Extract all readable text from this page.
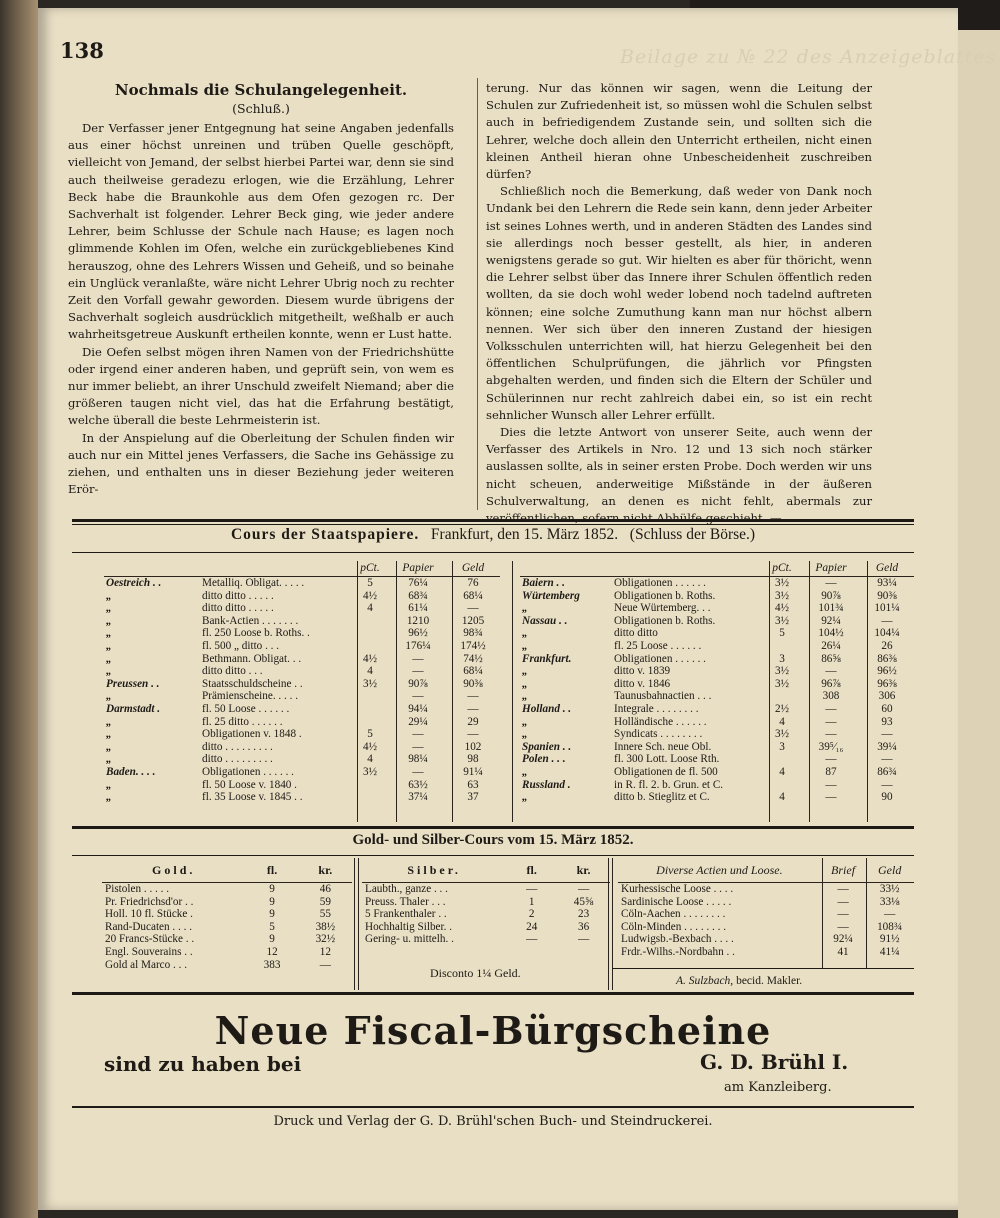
138	Beilage zu № 22 des Anzeigeblattes
Nochmals die Schulangelegenheit.
(Schluß.)

Der Verfasser jener Entgegnung hat seine Angaben jedenfalls aus einer höchst unreinen und trüben Quelle geschöpft, vielleicht von Jemand, der selbst hierbei Partei war, denn sie sind auch theilweise geradezu erlogen, wie die Erzählung, Lehrer Beck habe die Braunkohle aus dem Ofen gezogen rc. Der Sachverhalt ist folgender. Lehrer Beck ging, wie jeder andere Lehrer, beim Schlusse der Schule nach Hause; es lagen noch glimmende Kohlen im Ofen, welche ein zurückgebliebenes Kind herauszog, ohne des Lehrers Wissen und Geheiß, und so beinahe ein Unglück veranlaßte, wäre nicht Lehrer Ubrig noch zu rechter Zeit den Vorfall gewahr geworden. Diesem wurde übrigens der Sachverhalt sogleich ausdrücklich mitgetheilt, weßhalb er auch wahrheitsgetreue Auskunft ertheilen konnte, wenn er Lust hatte.

Die Oefen selbst mögen ihren Namen von der Friedrichshütte oder irgend einer anderen haben, und geprüft sein, von wem es nur immer beliebt, an ihrer Unschuld zweifelt Niemand; aber die größeren taugen nicht viel, das hat die Erfahrung bestätigt, welche überall die beste Lehrmeisterin ist.

In der Anspielung auf die Oberleitung der Schulen finden wir auch nur ein Mittel jenes Verfassers, die Sache ins Gehässige zu ziehen, und enthalten uns in dieser Beziehung jeder weiteren Erör-

terung. Nur das können wir sagen, wenn die Leitung der Schulen zur Zufriedenheit ist, so müssen wohl die Schulen selbst auch in befriedigendem Zustande sein, und sollten sich die Lehrer, welche doch allein den Unterricht ertheilen, nicht einen kleinen Antheil hieran ohne Unbescheidenheit zuschreiben dürfen?

Schließlich noch die Bemerkung, daß weder von Dank noch Undank bei den Lehrern die Rede sein kann, denn jeder Arbeiter ist seines Lohnes werth, und in anderen Städten des Landes sind sie allerdings noch besser gestellt, als hier, in anderen wenigstens gerade so gut. Wir hielten es aber für thöricht, wenn die Lehrer selbst über das Innere ihrer Schulen öffentlich reden wollten, da sie doch wohl weder lobend noch tadelnd auftreten können; eine solche Zumuthung kann man nur höchst albern nennen. Wer sich über den inneren Zustand der hiesigen Volksschulen unterrichten will, hat hierzu Gelegenheit bei den öffentlichen Schulprüfungen, die jährlich vor Pfingsten abgehalten werden, und finden sich die Eltern der Schüler und Schülerinnen nur recht zahlreich dabei ein, so ist ein recht sehnlicher Wunsch aller Lehrer erfüllt.

Dies die letzte Antwort von unserer Seite, auch wenn der Verfasser des Artikels in Nro. 12 und 13 sich noch stärker auslassen sollte, als in seiner ersten Probe. Doch werden wir uns nicht scheuen, anderweitige Mißstände in der äußeren Schulverwaltung, an denen es nicht fehlt, abermals zur

Cours der Staatspapiere. Frankfurt, den 15. März 1852. (Schluss der Börse.)
		pCt.	Papier	Geld
Oestreich . .	Metalliq. Obligat. . . . .	5	76¼	76
„	ditto ditto . . . . .	4½	68¾	68¼
„	ditto ditto . . . . .	4	61¼	—
„	Bank-Actien . . . . . . .		1210	1205
„	fl. 250 Loose b. Roths. .		96½	98¾
„	fl. 500 „ ditto . . .		176¼	174½
„	Bethmann. Obligat. . .	4½	—	74½
„	ditto ditto . . .	4	—	68¼
Preussen . .	Staatsschuldscheine . .	3½	90⅞	90⅜
„	Prämienscheine. . . . .		—	—
Darmstadt .	fl. 50 Loose . . . . . .		94¼	—
„	fl. 25 ditto . . . . . .		29¼	29
„	Obligationen v. 1848 .	5	—	—
„	ditto . . . . . . . . .	4½	—	102
„	ditto . . . . . . . . .	4	98¼	98
Baden. . . .	Obligationen . . . . . .	3½	—	91¼
„	fl. 50 Loose v. 1840 .		63½	63
„	fl. 35 Loose v. 1845 . .		37¼	37
		pCt.	Papier	Geld
Baiern . .	Obligationen . . . . . .	3½	—	93¼
Würtemberg	Obligationen b. Roths.	3½	90⅞	90⅜
„	Neue Würtemberg. . .	4½	101¾	101¼
Nassau . .	Obligationen b. Roths.	3½	92¼	—
„	ditto ditto	5	104½	104¼
„	fl. 25 Loose . . . . . .		26¼	26
Frankfurt.	Obligationen . . . . . .	3	86⅝	86⅜
„	ditto v. 1839	3½	—	96½
„	ditto v. 1846	3½	96⅞	96⅜
„	Taunusbahnactien . . .		308	306
Holland . .	Integrale . . . . . . . .	2½	—	60
„	Holländische . . . . . .	4	—	93
„	Syndicats . . . . . . . .	3½	—	—
Spanien . .	Innere Sch. neue Obl.	3	39⁵⁄₁₆	39¼
Polen . . .	fl. 300 Lott. Loose Rth.		—	—
„	Obligationen de fl. 500	4	87	86¾
Russland .	in R. fl. 2. b. Grun. et C.		—	—
„	ditto b. Stieglitz et C.	4	—	90
Gold- und Silber-Cours vom 15. März 1852.
Gold.	fl.	kr.
Pistolen . . . . .	9	46
Pr. Friedrichsd'or . .	9	59
Holl. 10 fl. Stücke .	9	55
Rand-Ducaten . . . .	5	38½
20 Francs-Stücke . .	9	32½
Engl. Souverains . .	12	12
Gold al Marco . . .	383	—
Silber.	fl.	kr.
Laubth., ganze . . .	—	—
Preuss. Thaler . . .	1	45⅝
5 Frankenthaler . .	2	23
Hochhaltig Silber. .	24	36
Gering- u. mittelh. .	—	—
Disconto 1¼ Geld.
Diverse Actien und Loose.	Brief	Geld
Kurhessische Loose . . . .	—	33½
Sardinische Loose . . . . .	—	33⅛
Cöln-Aachen . . . . . . . .	—	—
Cöln-Minden . . . . . . . .	—	108¾
Ludwigsb.-Bexbach . . . .	92¼	91½
Frdr.-Wilhs.-Nordbahn . .	41	41¼
A. Sulzbach, becid. Makler.
Neue Fiscal-Bürgscheine
sind zu haben bei	G. D. Brühl I.
am Kanzleiberg.
Druck und Verlag der G. D. Brühl'schen Buch- und Steindruckerei.
